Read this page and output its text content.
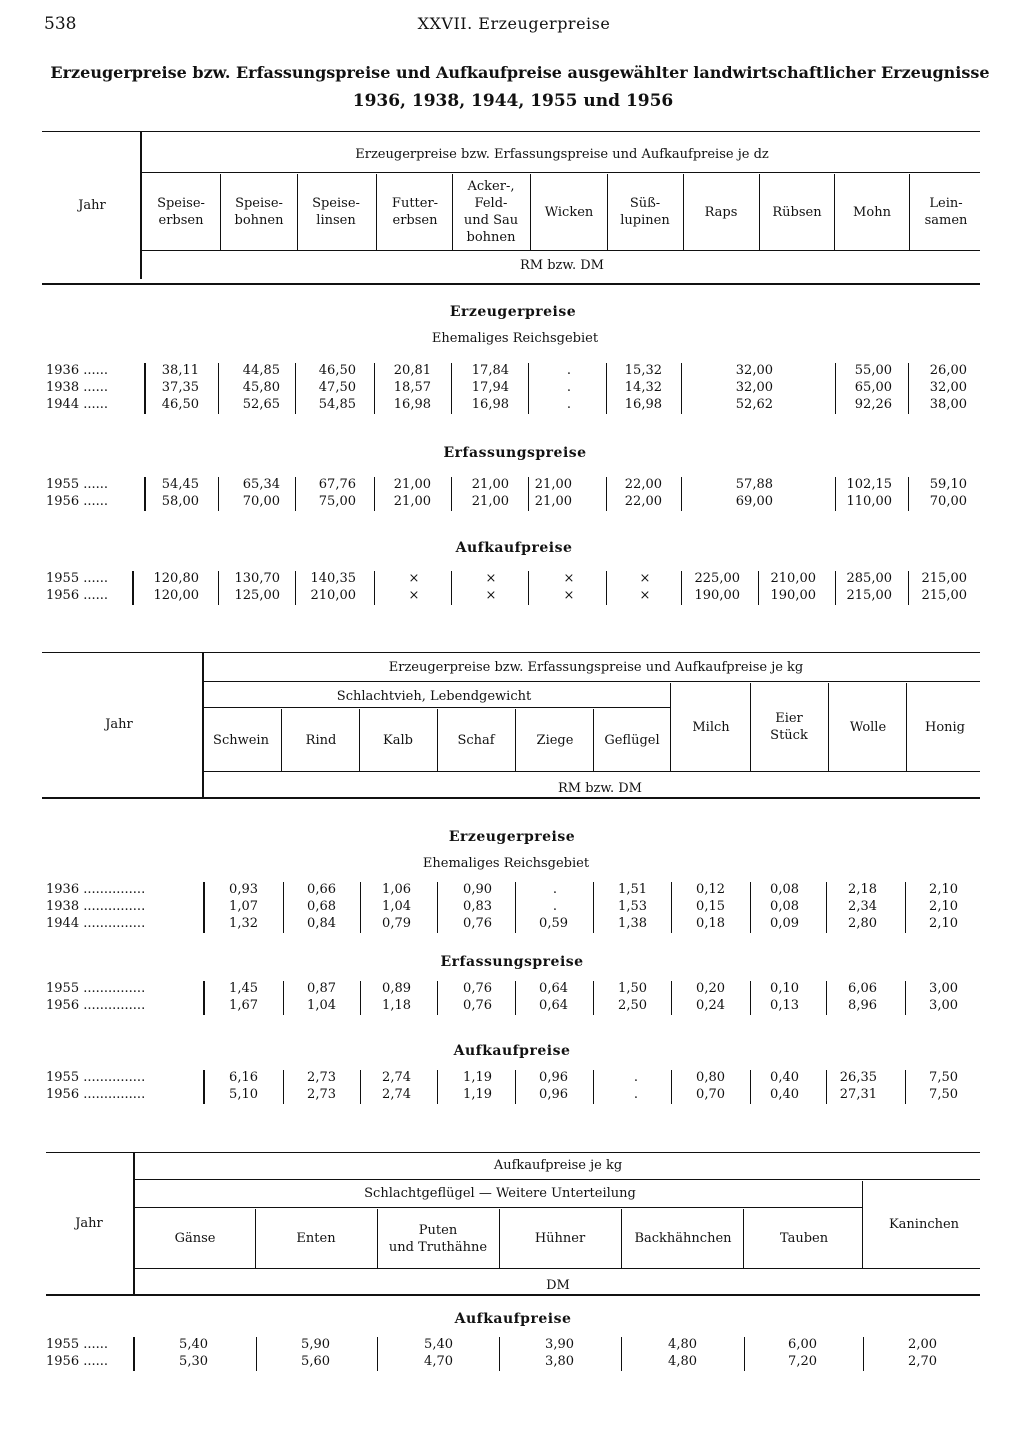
538	XXVII. Erzeugerpreise
Erzeugerpreise bzw. Erfassungspreise und Aufkaufpreise ausgewählter landwirtschaftlicher Erzeugnisse
1936, 1938, 1944, 1955 und 1956
Speise-
erbsen
Speise-
bohnen
Speise-
linsen
Futter-
erbsen
Acker-,
Feld-
und Sau
bohnen
Wicken
Süß-
lupinen
Raps	Rübsen Mohn
Lein-
samen
Jahr
Erzeugerpreise bzw. Erfassungspreise und Aufkaufpreise je dz
RM bzw. DM
Erzeugerpreise
Ehemaliges Reichsgebiet
1936 ......	38,11	44,85	46,50	20,81	17,84	.	15,32	32,00	55,00	26,00
1938 ......	37,35	45,80	47,50	18,57	17,94	.	14,32	32,00	65,00	32,00
1944 ......	46,50	52,65	54,85	16,98	16,98	.	16,98	52,62	92,26	38,00
Erfassungspreise
1955 ......	54,45	65,34	67,76	21,00	21,00 21,00	22,00	57,88	102,15	59,10
1956 ......	58,00	70,00	75,00	21,00	21,00 21,00	22,00	69,00	110,00	70,00
Aufkaufpreise
1955 ......	120,80	130,70 140,35	×	×	×	×	225,00 210,00 285,00 215,00
1956 ......	120,00	125,00 210,00	×	×	×	×	190,00 190,00 215,00 215,00
Schwein	Rind	Kalb	Schaf	Ziege Geflügel
Milch
Eier
Stück
Wolle	Honig
Jahr
Erzeugerpreise bzw. Erfassungspreise und Aufkaufpreise je kg
Schlachtvieh, Lebendgewicht
RM bzw. DM
Erzeugerpreise
Ehemaliges Reichsgebiet
1936 ...............	0,93	0,66	1,06	0,90	.	1,51	0,12	0,08	2,18	2,10
1938 ...............	1,07	0,68	1,04	0,83	.	1,53	0,15	0,08	2,34	2,10
1944 ...............	1,32	0,84	0,79	0,76	0,59	1,38	0,18	0,09	2,80	2,10
Erfassungspreise
1955 ...............	1,45	0,87	0,89	0,76	0,64	1,50	0,20	0,10	6,06	3,00
1956 ...............	1,67	1,04	1,18	0,76	0,64	2,50	0,24	0,13	8,96	3,00
Aufkaufpreise
1955 ...............	6,16	2,73	2,74	1,19	0,96	.	0,80	0,40	26,35	7,50
1956 ...............	5,10	2,73	2,74	1,19	0,96	.	0,70	0,40	27,31	7,50
Gänse	Enten
Puten
und Truthähne
Hühner	Backhähnchen	Tauben
Kaninchen
Jahr
Aufkaufpreise je kg
Schlachtgeflügel — Weitere Unterteilung
DM
Aufkaufpreise
1955 ......	5,40	5,90	5,40	3,90	4,80	6,00	2,00
1956 ......	5,30	5,60	4,70	3,80	4,80	7,20	2,70
